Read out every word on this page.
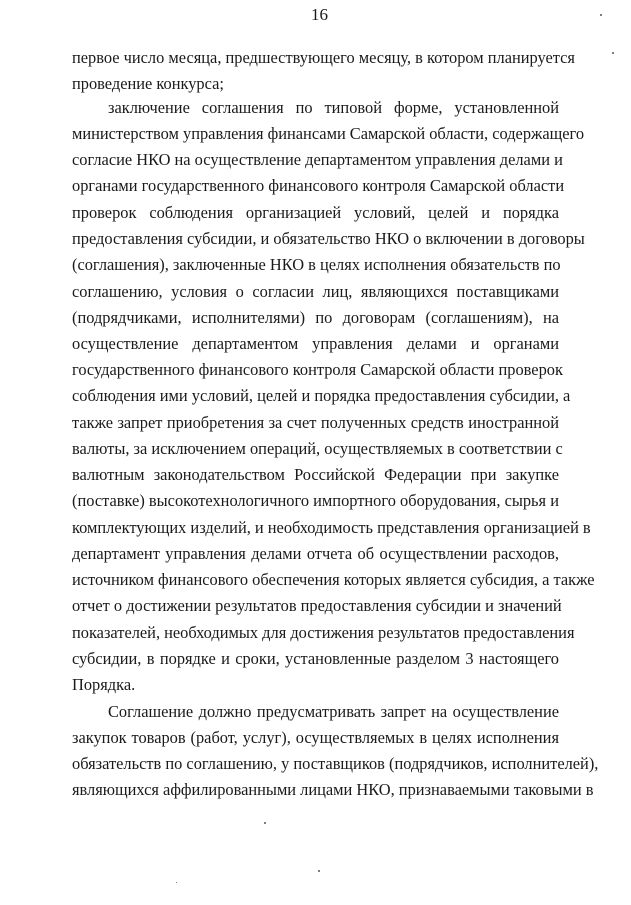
16
первое число месяца, предшествующего месяцу, в котором планируется
проведение конкурса;
заключение соглашения по типовой форме, установленной
министерством управления финансами Самарской области, содержащего
согласие НКО на осуществление департаментом управления делами и
органами государственного финансового контроля Самарской области
проверок соблюдения организацией условий, целей и порядка
предоставления субсидии, и обязательство НКО о включении в договоры
(соглашения), заключенные НКО в целях исполнения обязательств по
соглашению, условия о согласии лиц, являющихся поставщиками
(подрядчиками, исполнителями) по договорам (соглашениям), на
осуществление департаментом управления делами и органами
государственного финансового контроля Самарской области проверок
соблюдения ими условий, целей и порядка предоставления субсидии, а
также запрет приобретения за счет полученных средств иностранной
валюты, за исключением операций, осуществляемых в соответствии с
валютным законодательством Российской Федерации при закупке
(поставке) высокотехнологичного импортного оборудования, сырья и
комплектующих изделий, и необходимость представления организацией в
департамент управления делами отчета об осуществлении расходов,
источником финансового обеспечения которых является субсидия, а также
отчет о достижении результатов предоставления субсидии и значений
показателей, необходимых для достижения результатов предоставления
субсидии, в порядке и сроки, установленные разделом 3 настоящего
Порядка.
Соглашение должно предусматривать запрет на осуществление
закупок товаров (работ, услуг), осуществляемых в целях исполнения
обязательств по соглашению, у поставщиков (подрядчиков, исполнителей),
являющихся аффилированными лицами НКО, признаваемыми таковыми в
